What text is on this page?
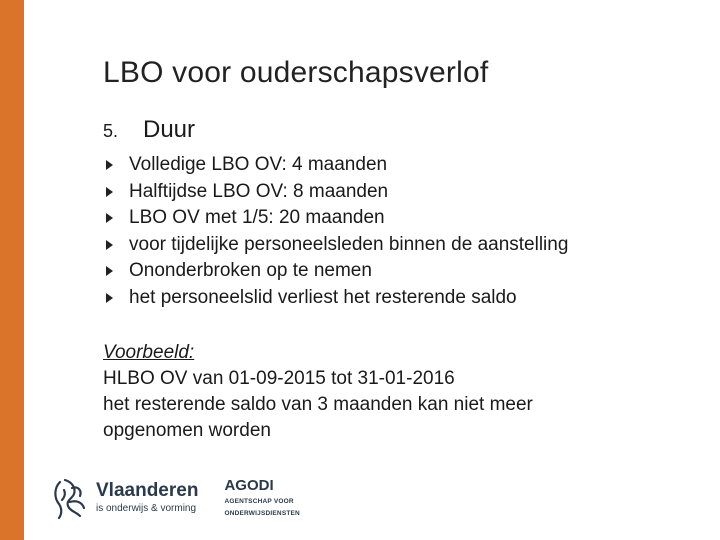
LBO voor ouderschapsverlof
5.	Duur
Volledige LBO OV: 4 maanden
Halftijdse LBO OV: 8 maanden
LBO OV met 1/5: 20 maanden
voor tijdelijke personeelsleden binnen de aanstelling
Ononderbroken op te nemen
het personeelslid verliest het resterende saldo
Voorbeeld:
HLBO OV van 01-09-2015 tot 31-01-2016
het resterende saldo van 3 maanden kan niet meer
opgenomen worden
Vlaanderen
is onderwijs & vorming
AGODI
AGENTSCHAP VOOR
ONDERWIJSDIENSTEN
